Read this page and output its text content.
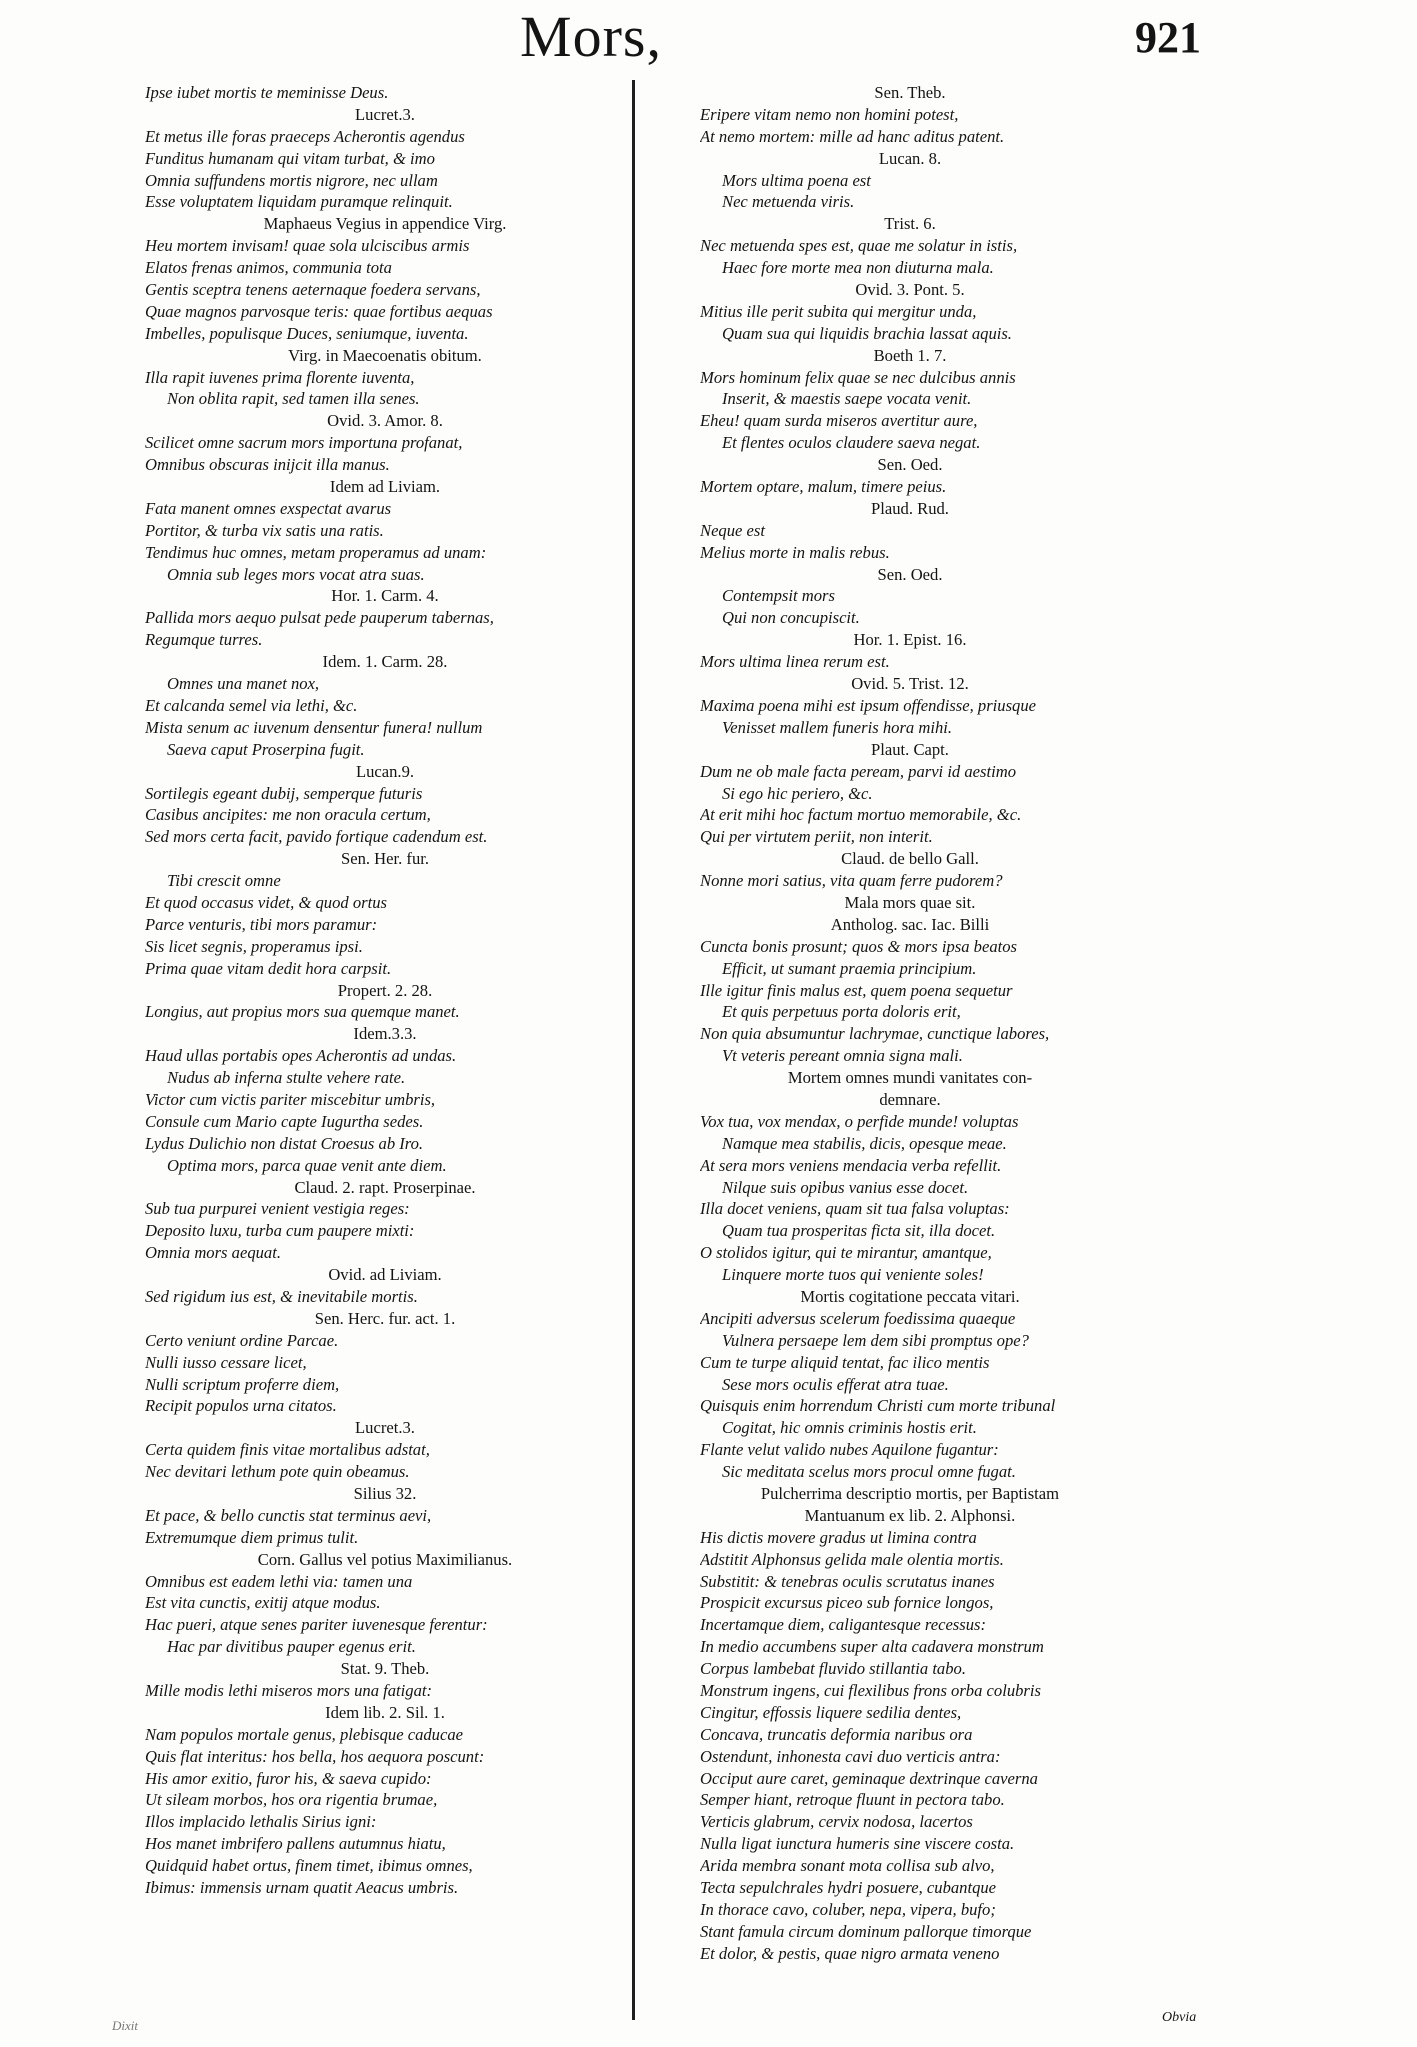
Mors,	921
Ipse iubet mortis te meminisse Deus.
Lucret.3.
Et metus ille foras praeceps Acherontis agendus
Funditus humanam qui vitam turbat, & imo
Omnia suffundens mortis nigrore, nec ullam
Esse voluptatem liquidam puramque relinquit.
Maphaeus Vegius in appendice Virg.
Heu mortem invisam! quae sola ulciscibus armis
Elatos frenas animos, communia tota
Gentis sceptra tenens aeternaque foedera servans,
Quae magnos parvosque teris: quae fortibus aequas
Imbelles, populisque Duces, seniumque, iuventa.
Virg. in Maecoenatis obitum.
Illa rapit iuvenes prima florente iuventa,
Non oblita rapit, sed tamen illa senes.
Ovid. 3. Amor. 8.
Scilicet omne sacrum mors importuna profanat,
Omnibus obscuras inijcit illa manus.
Idem ad Liviam.
Fata manent omnes exspectat avarus
Portitor, & turba vix satis una ratis.
Tendimus huc omnes, metam properamus ad unam:
Omnia sub leges mors vocat atra suas.
Hor. 1. Carm. 4.
Pallida mors aequo pulsat pede pauperum tabernas,
Regumque turres.
Idem. 1. Carm. 28.
Omnes una manet nox,
Et calcanda semel via lethi, &c.
Mista senum ac iuvenum densentur funera! nullum
Saeva caput Proserpina fugit.
Lucan.9.
Sortilegis egeant dubij, semperque futuris
Casibus ancipites: me non oracula certum,
Sed mors certa facit, pavido fortique cadendum est.
Sen. Her. fur.
Tibi crescit omne
Et quod occasus videt, & quod ortus
Parce venturis, tibi mors paramur:
Sis licet segnis, properamus ipsi.
Prima quae vitam dedit hora carpsit.
Propert. 2. 28.
Longius, aut propius mors sua quemque manet.
Idem.3.3.
Haud ullas portabis opes Acherontis ad undas.
Nudus ab inferna stulte vehere rate.
Victor cum victis pariter miscebitur umbris,
Consule cum Mario capte Iugurtha sedes.
Lydus Dulichio non distat Croesus ab Iro.
Optima mors, parca quae venit ante diem.
Claud. 2. rapt. Proserpinae.
Sub tua purpurei venient vestigia reges:
Deposito luxu, turba cum paupere mixti:
Omnia mors aequat.
Ovid. ad Liviam.
Sed rigidum ius est, & inevitabile mortis.
Sen. Herc. fur. act. 1.
Certo veniunt ordine Parcae.
Nulli iusso cessare licet,
Nulli scriptum proferre diem,
Recipit populos urna citatos.
Lucret.3.
Certa quidem finis vitae mortalibus adstat,
Nec devitari lethum pote quin obeamus.
Silius 32.
Et pace, & bello cunctis stat terminus aevi,
Extremumque diem primus tulit.
Corn. Gallus vel potius Maximilianus.
Omnibus est eadem lethi via: tamen una
Est vita cunctis, exitij atque modus.
Hac pueri, atque senes pariter iuvenesque ferentur:
Hac par divitibus pauper egenus erit.
Stat. 9. Theb.
Mille modis lethi miseros mors una fatigat:
Idem lib. 2. Sil. 1.
Nam populos mortale genus, plebisque caducae
Quis flat interitus: hos bella, hos aequora poscunt:
His amor exitio, furor his, & saeva cupido:
Ut sileam morbos, hos ora rigentia brumae,
Illos implacido lethalis Sirius igni:
Hos manet imbrifero pallens autumnus hiatu,
Quidquid habet ortus, finem timet, ibimus omnes,
Ibimus: immensis urnam quatit Aeacus umbris.
Sen. Theb.
Eripere vitam nemo non homini potest,
At nemo mortem: mille ad hanc aditus patent.
Lucan. 8.
Mors ultima poena est
Nec metuenda viris.
Trist. 6.
Nec metuenda spes est, quae me solatur in istis,
Haec fore morte mea non diuturna mala.
Ovid. 3. Pont. 5.
Mitius ille perit subita qui mergitur unda,
Quam sua qui liquidis brachia lassat aquis.
Boeth 1. 7.
Mors hominum felix quae se nec dulcibus annis
Inserit, & maestis saepe vocata venit.
Eheu! quam surda miseros avertitur aure,
Et flentes oculos claudere saeva negat.
Sen. Oed.
Mortem optare, malum, timere peius.
Plaud. Rud.
Neque est
Melius morte in malis rebus.
Sen. Oed.
Contempsit mors
Qui non concupiscit.
Hor. 1. Epist. 16.
Mors ultima linea rerum est.
Ovid. 5. Trist. 12.
Maxima poena mihi est ipsum offendisse, priusque
Venisset mallem funeris hora mihi.
Plaut. Capt.
Dum ne ob male facta peream, parvi id aestimo
Si ego hic periero, &c.
At erit mihi hoc factum mortuo memorabile, &c.
Qui per virtutem periit, non interit.
Claud. de bello Gall.
Nonne mori satius, vita quam ferre pudorem?
Mala mors quae sit.
Antholog. sac. Iac. Billi
Cuncta bonis prosunt; quos & mors ipsa beatos
Efficit, ut sumant praemia principium.
Ille igitur finis malus est, quem poena sequetur
Et quis perpetuus porta doloris erit,
Non quia absumuntur lachrymae, cunctique labores,
Vt veteris pereant omnia signa mali.
Mortem omnes mundi vanitates con-
demnare.
Vox tua, vox mendax, o perfide munde! voluptas
Namque mea stabilis, dicis, opesque meae.
At sera mors veniens mendacia verba refellit.
Nilque suis opibus vanius esse docet.
Illa docet veniens, quam sit tua falsa voluptas:
Quam tua prosperitas ficta sit, illa docet.
O stolidos igitur, qui te mirantur, amantque,
Linquere morte tuos qui veniente soles!
Mortis cogitatione peccata vitari.
Ancipiti adversus scelerum foedissima quaeque
Vulnera persaepe lem dem sibi promptus ope?
Cum te turpe aliquid tentat, fac ilico mentis
Sese mors oculis efferat atra tuae.
Quisquis enim horrendum Christi cum morte tribunal
Cogitat, hic omnis criminis hostis erit.
Flante velut valido nubes Aquilone fugantur:
Sic meditata scelus mors procul omne fugat.
Pulcherrima descriptio mortis, per Baptistam
Mantuanum ex lib. 2. Alphonsi.
His dictis movere gradus ut limina contra
Adstitit Alphonsus gelida male olentia mortis.
Substitit: & tenebras oculis scrutatus inanes
Prospicit excursus piceo sub fornice longos,
Incertamque diem, caligantesque recessus:
In medio accumbens super alta cadavera monstrum
Corpus lambebat fluvido stillantia tabo.
Monstrum ingens, cui flexilibus frons orba colubris
Cingitur, effossis liquere sedilia dentes,
Concava, truncatis deformia naribus ora
Ostendunt, inhonesta cavi duo verticis antra:
Occiput aure caret, geminaque dextrinque caverna
Semper hiant, retroque fluunt in pectora tabo.
Verticis glabrum, cervix nodosa, lacertos
Nulla ligat iunctura humeris sine viscere costa.
Arida membra sonant mota collisa sub alvo,
Tecta sepulchrales hydri posuere, cubantque
In thorace cavo, coluber, nepa, vipera, bufo;
Stant famula circum dominum pallorque timorque
Et dolor, & pestis, quae nigro armata veneno
Dixit
Obvia
